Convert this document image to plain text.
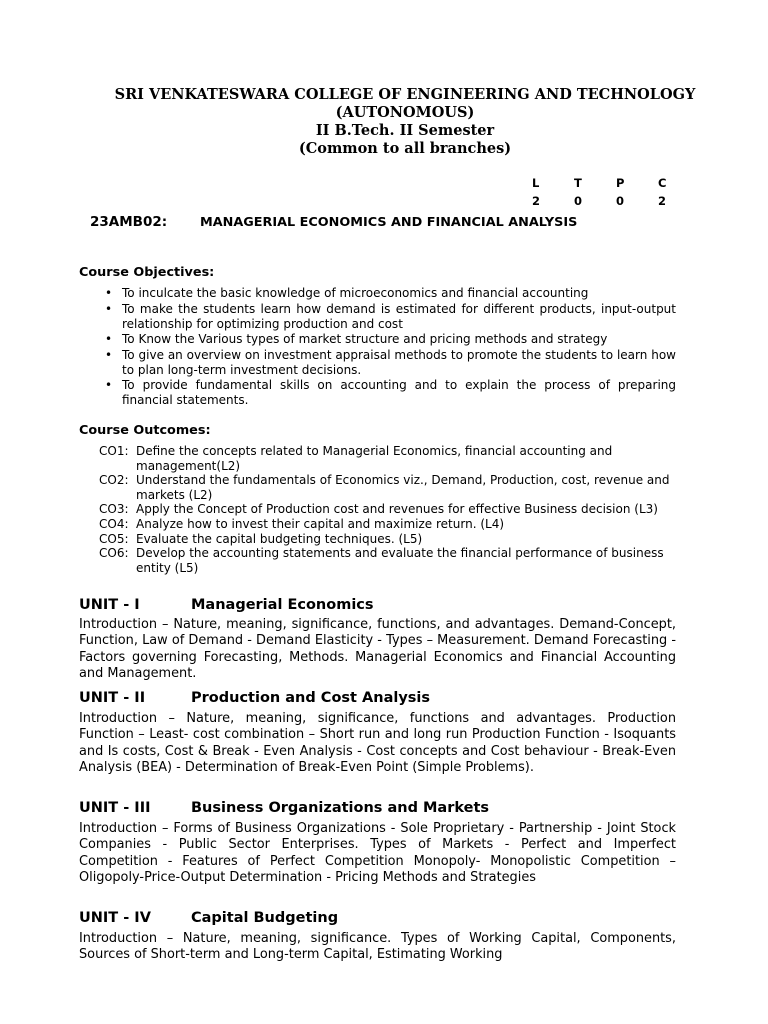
SRI VENKATESWARA COLLEGE OF ENGINEERING AND TECHNOLOGY
(AUTONOMOUS)
II B.Tech. II Semester
(Common to all branches)
L	T	P	C
2	0	0	2
23AMB02:	MANAGERIAL ECONOMICS AND FINANCIAL ANALYSIS
Course Objectives:
• To inculcate the basic knowledge of microeconomics and financial accounting
• To make the students learn how demand is estimated for different products, input-output relationship for optimizing production and cost
• To Know the Various types of market structure and pricing methods and strategy
• To give an overview on investment appraisal methods to promote the students to learn how to plan long-term investment decisions.
• To provide fundamental skills on accounting and to explain the process of preparing financial statements.
Course Outcomes:
CO1: Define the concepts related to Managerial Economics, financial accounting and management(L2)
CO2: Understand the fundamentals of Economics viz., Demand, Production, cost, revenue and markets (L2)
CO3: Apply the Concept of Production cost and revenues for effective Business decision (L3)
CO4: Analyze how to invest their capital and maximize return. (L4)
CO5: Evaluate the capital budgeting techniques. (L5)
CO6: Develop the accounting statements and evaluate the financial performance of business entity (L5)
UNIT - I	Managerial Economics
Introduction – Nature, meaning, significance, functions, and advantages. Demand-Concept, Function, Law of Demand - Demand Elasticity - Types – Measurement. Demand Forecasting - Factors governing Forecasting, Methods. Managerial Economics and Financial Accounting and Management.
UNIT - II	Production and Cost Analysis
Introduction – Nature, meaning, significance, functions and advantages. Production Function – Least- cost combination – Short run and long run Production Function - Isoquants and Is costs, Cost & Break - Even Analysis - Cost concepts and Cost behaviour - Break-Even Analysis (BEA) - Determination of Break-Even Point (Simple Problems).
UNIT - III	Business Organizations and Markets
Introduction – Forms of Business Organizations - Sole Proprietary - Partnership - Joint Stock Companies - Public Sector Enterprises. Types of Markets - Perfect and Imperfect Competition - Features of Perfect Competition Monopoly- Monopolistic Competition – Oligopoly-Price-Output Determination - Pricing Methods and Strategies
UNIT - IV	Capital Budgeting
Introduction – Nature, meaning, significance. Types of Working Capital, Components, Sources of Short-term and Long-term Capital, Estimating Working
